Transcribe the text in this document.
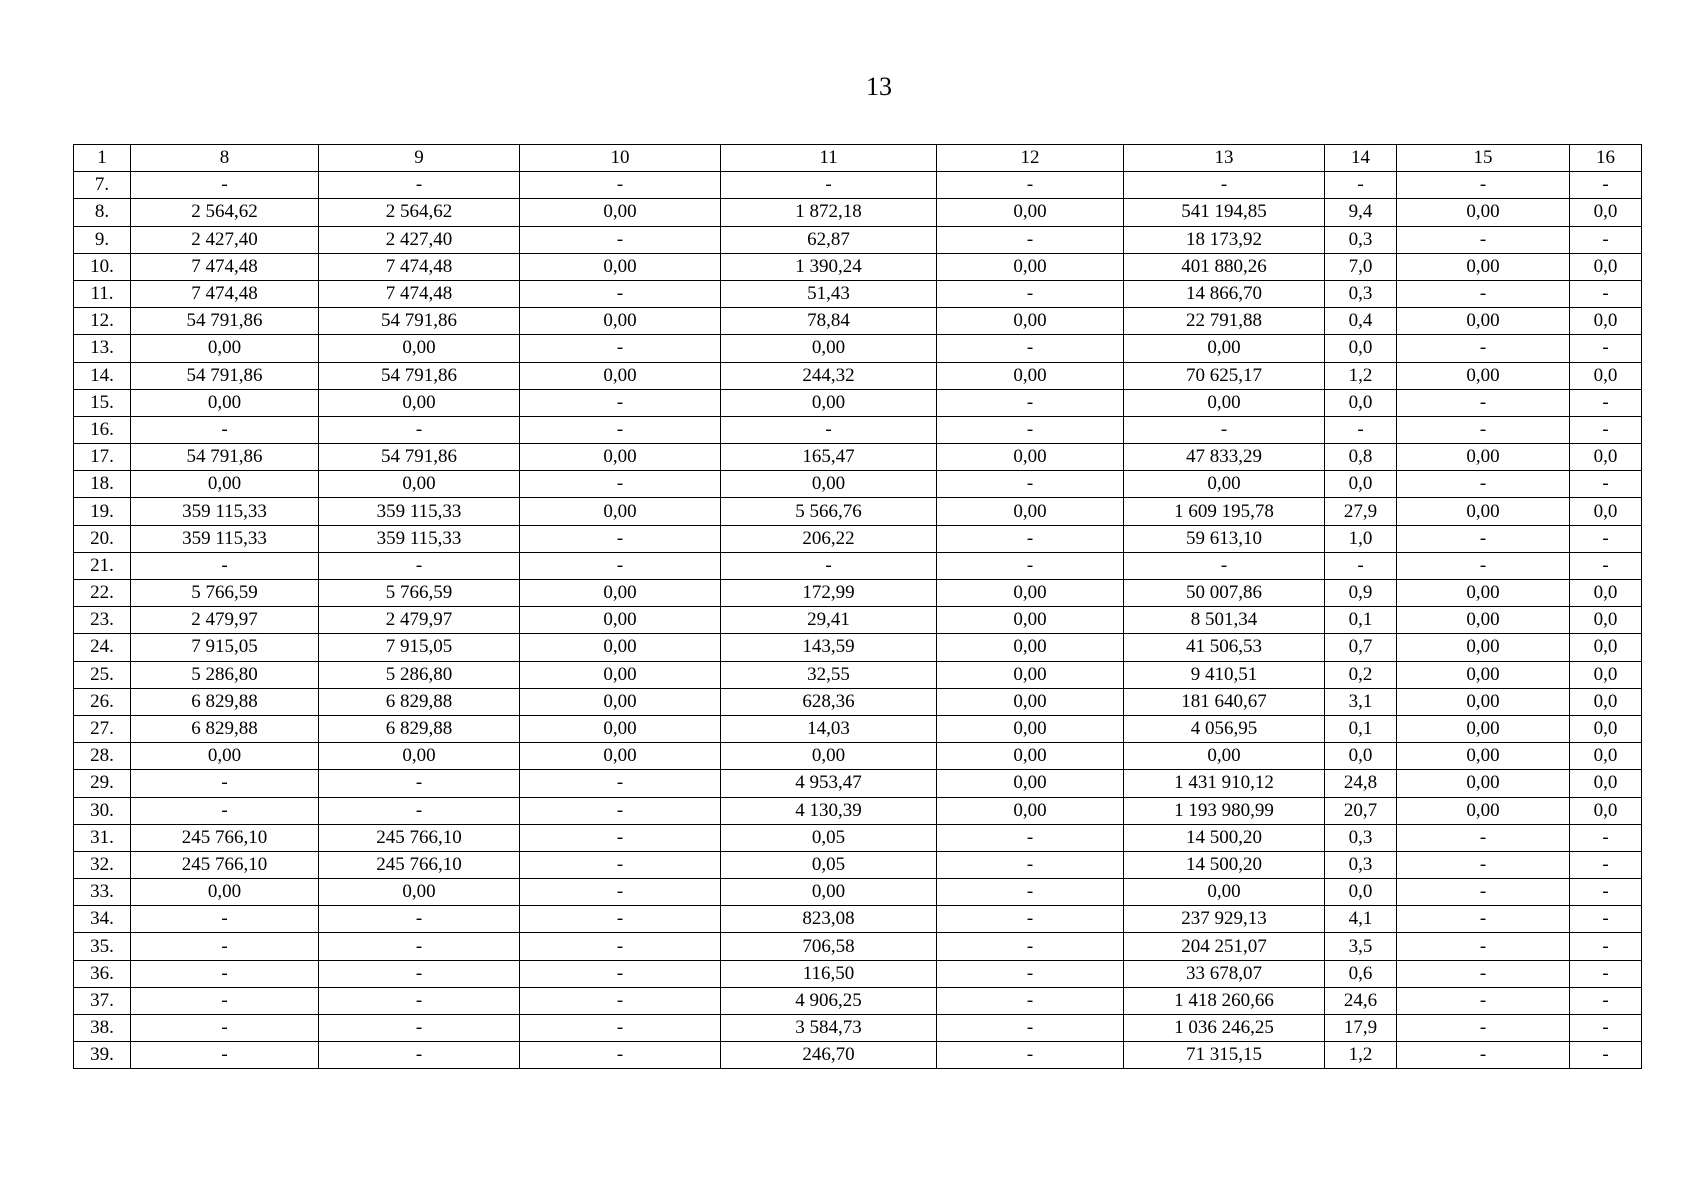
13
1	8	9	10	11	12	13	14	15	16
7.	-	-	-	-	-	-	-	-	-
8.	2 564,62	2 564,62	0,00	1 872,18	0,00	541 194,85	9,4	0,00	0,0
9.	2 427,40	2 427,40	-	62,87	-	18 173,92	0,3	-	-
10.	7 474,48	7 474,48	0,00	1 390,24	0,00	401 880,26	7,0	0,00	0,0
11.	7 474,48	7 474,48	-	51,43	-	14 866,70	0,3	-	-
12.	54 791,86	54 791,86	0,00	78,84	0,00	22 791,88	0,4	0,00	0,0
13.	0,00	0,00	-	0,00	-	0,00	0,0	-	-
14.	54 791,86	54 791,86	0,00	244,32	0,00	70 625,17	1,2	0,00	0,0
15.	0,00	0,00	-	0,00	-	0,00	0,0	-	-
16.	-	-	-	-	-	-	-	-	-
17.	54 791,86	54 791,86	0,00	165,47	0,00	47 833,29	0,8	0,00	0,0
18.	0,00	0,00	-	0,00	-	0,00	0,0	-	-
19.	359 115,33	359 115,33	0,00	5 566,76	0,00	1 609 195,78	27,9	0,00	0,0
20.	359 115,33	359 115,33	-	206,22	-	59 613,10	1,0	-	-
21.	-	-	-	-	-	-	-	-	-
22.	5 766,59	5 766,59	0,00	172,99	0,00	50 007,86	0,9	0,00	0,0
23.	2 479,97	2 479,97	0,00	29,41	0,00	8 501,34	0,1	0,00	0,0
24.	7 915,05	7 915,05	0,00	143,59	0,00	41 506,53	0,7	0,00	0,0
25.	5 286,80	5 286,80	0,00	32,55	0,00	9 410,51	0,2	0,00	0,0
26.	6 829,88	6 829,88	0,00	628,36	0,00	181 640,67	3,1	0,00	0,0
27.	6 829,88	6 829,88	0,00	14,03	0,00	4 056,95	0,1	0,00	0,0
28.	0,00	0,00	0,00	0,00	0,00	0,00	0,0	0,00	0,0
29.	-	-	-	4 953,47	0,00	1 431 910,12	24,8	0,00	0,0
30.	-	-	-	4 130,39	0,00	1 193 980,99	20,7	0,00	0,0
31.	245 766,10	245 766,10	-	0,05	-	14 500,20	0,3	-	-
32.	245 766,10	245 766,10	-	0,05	-	14 500,20	0,3	-	-
33.	0,00	0,00	-	0,00	-	0,00	0,0	-	-
34.	-	-	-	823,08	-	237 929,13	4,1	-	-
35.	-	-	-	706,58	-	204 251,07	3,5	-	-
36.	-	-	-	116,50	-	33 678,07	0,6	-	-
37.	-	-	-	4 906,25	-	1 418 260,66	24,6	-	-
38.	-	-	-	3 584,73	-	1 036 246,25	17,9	-	-
39.	-	-	-	246,70	-	71 315,15	1,2	-	-
